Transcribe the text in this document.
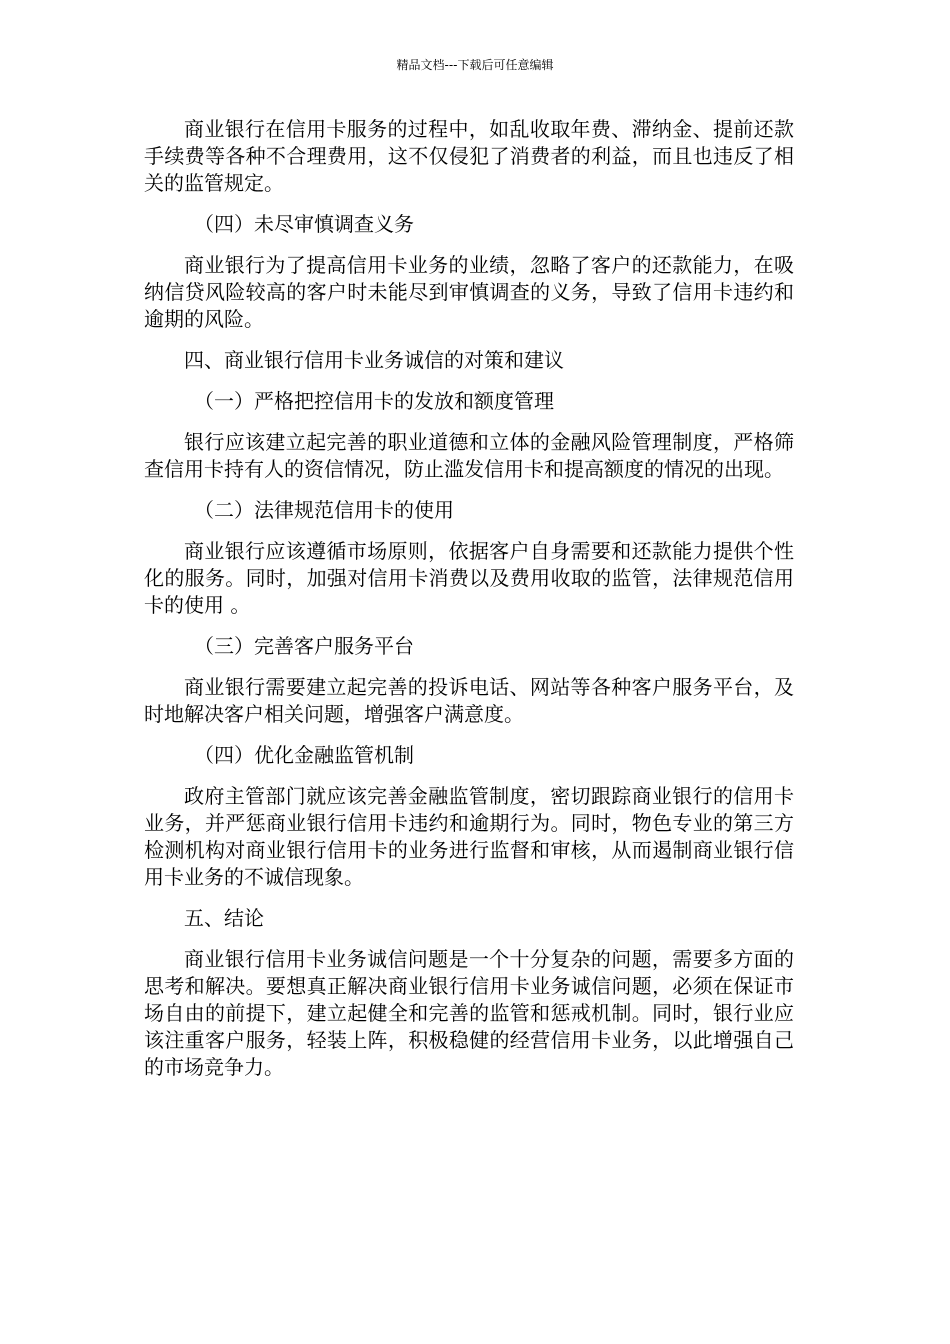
精品文档---下载后可任意编辑

商业银行在信用卡服务的过程中，如乱收取年费、滞纳金、提前还款手续费等各种不合理费用，这不仅侵犯了消费者的利益，而且也违反了相关的监管规定。

（四）未尽审慎调查义务

商业银行为了提高信用卡业务的业绩，忽略了客户的还款能力，在吸纳信贷风险较高的客户时未能尽到审慎调查的义务，导致了信用卡违约和逾期的风险。

四、商业银行信用卡业务诚信的对策和建议

（一）严格把控信用卡的发放和额度管理

银行应该建立起完善的职业道德和立体的金融风险管理制度，严格筛查信用卡持有人的资信情况，防止滥发信用卡和提高额度的情况的出现。

（二）法律规范信用卡的使用

商业银行应该遵循市场原则，依据客户自身需要和还款能力提供个性化的服务。同时，加强对信用卡消费以及费用收取的监管，法律规范信用卡的使用 。

（三）完善客户服务平台

商业银行需要建立起完善的投诉电话、网站等各种客户服务平台，及时地解决客户相关问题，增强客户满意度。

（四）优化金融监管机制

政府主管部门就应该完善金融监管制度，密切跟踪商业银行的信用卡业务，并严惩商业银行信用卡违约和逾期行为。同时，物色专业的第三方检测机构对商业银行信用卡的业务进行监督和审核，从而遏制商业银行信用卡业务的不诚信现象。

五、结论

商业银行信用卡业务诚信问题是一个十分复杂的问题，需要多方面的思考和解决。要想真正解决商业银行信用卡业务诚信问题，必须在保证市场自由的前提下，建立起健全和完善的监管和惩戒机制。同时，银行业应该注重客户服务，轻装上阵，积极稳健的经营信用卡业务，以此增强自己的市场竞争力。
